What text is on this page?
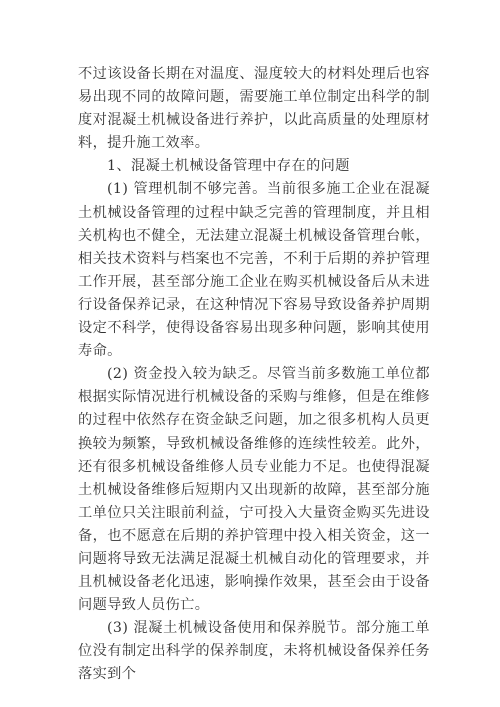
不过该设备长期在对温度、湿度较大的材料处理后也容易出现不同的故障问题，需要施工单位制定出科学的制度对混凝土机械设备进行养护，以此高质量的处理原材料，提升施工效率。

1、混凝土机械设备管理中存在的问题

(1) 管理机制不够完善。当前很多施工企业在混凝土机械设备管理的过程中缺乏完善的管理制度，并且相关机构也不健全，无法建立混凝土机械设备管理台帐，相关技术资料与档案也不完善，不利于后期的养护管理工作开展，甚至部分施工企业在购买机械设备后从未进行设备保养记录，在这种情况下容易导致设备养护周期设定不科学，使得设备容易出现多种问题，影响其使用寿命。

(2) 资金投入较为缺乏。尽管当前多数施工单位都根据实际情况进行机械设备的采购与维修，但是在维修的过程中依然存在资金缺乏问题，加之很多机构人员更换较为频繁，导致机械设备维修的连续性较差。此外，还有很多机械设备维修人员专业能力不足。也使得混凝土机械设备维修后短期内又出现新的故障，甚至部分施工单位只关注眼前利益，宁可投入大量资金购买先进设备，也不愿意在后期的养护管理中投入相关资金，这一问题将导致无法满足混凝土机械自动化的管理要求，并且机械设备老化迅速，影响操作效果，甚至会由于设备问题导致人员伤亡。

(3) 混凝土机械设备使用和保养脱节。部分施工单位没有制定出科学的保养制度，未将机械设备保养任务落实到个
